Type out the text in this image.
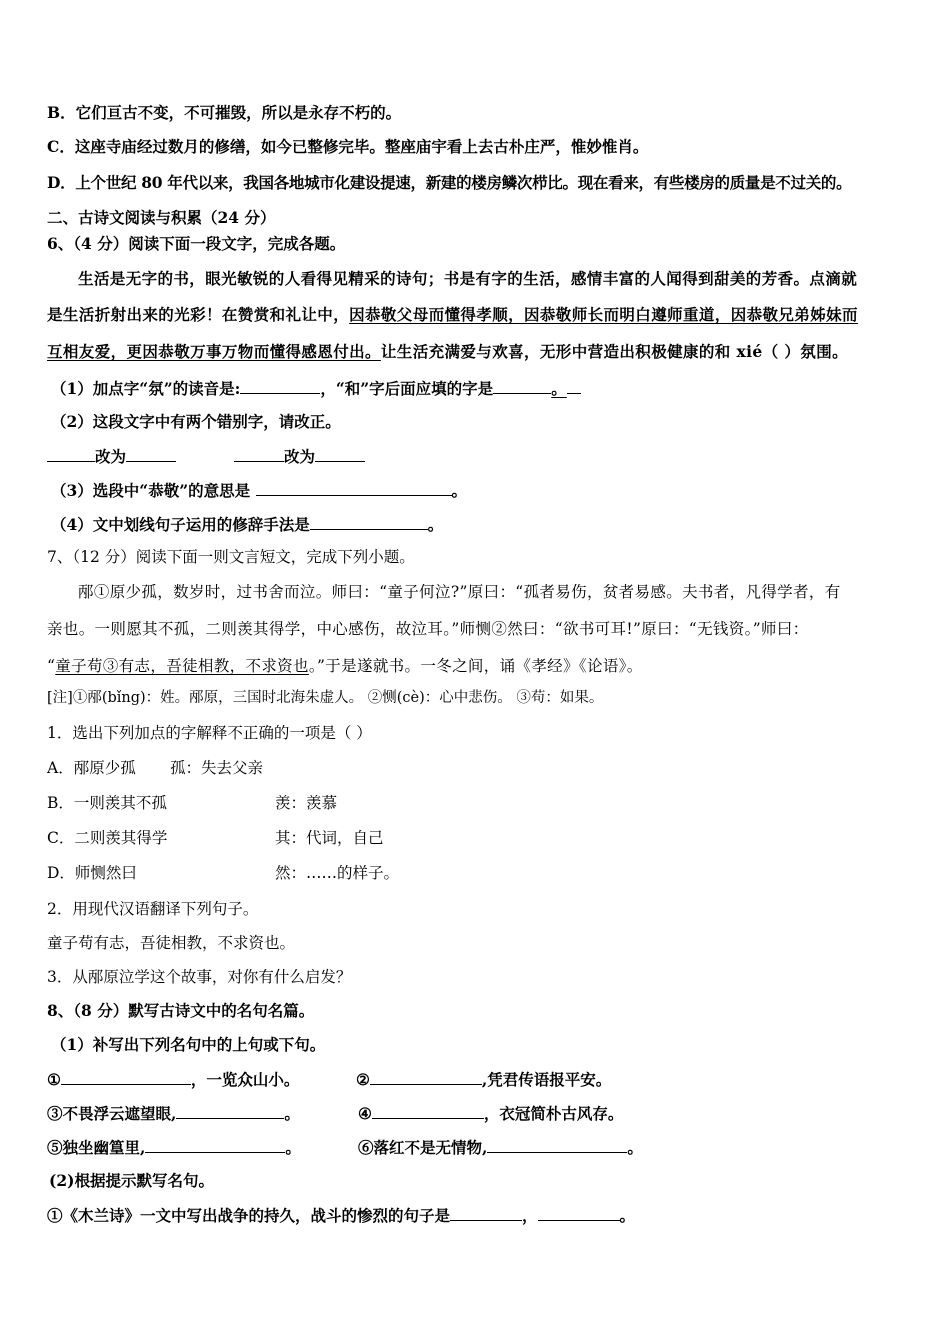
B．它们亘古不变，不可摧毁，所以是永存不朽的。
C．这座寺庙经过数月的修缮，如今已整修完毕。整座庙宇看上去古朴庄严，惟妙惟肖。
D．上个世纪 80 年代以来，我国各地城市化建设提速，新建的楼房鳞次栉比。现在看来，有些楼房的质量是不过关的。
二、古诗文阅读与积累（24 分）
6、（4 分）阅读下面一段文字，完成各题。
生活是无字的书，眼光敏锐的人看得见精采的诗句；书是有字的生活，感情丰富的人闻得到甜美的芳香。点滴就
是生活折射出来的光彩！在赞赏和礼让中，因恭敬父母而懂得孝顺，因恭敬师长而明白遵师重道，因恭敬兄弟姊妹而
互相友爱，更因恭敬万事万物而懂得感恩付出。让生活充满爱与欢喜，无形中营造出积极健康的和 xié（ ）氛围。
（1）加点字“氛”的读音是:	，“和”字后面应填的字是	。
（2）这段文字中有两个错别字，请改正。
改为	改为
（3）选段中“恭敬”的意思是	。
（4）文中划线句子运用的修辞手法是	。
7、（12 分）阅读下面一则文言短文，完成下列小题。
邴①原少孤，数岁时，过书舍而泣。师曰：“童子何泣?”原曰：“孤者易伤，贫者易感。夫书者，凡得学者，有
亲也。一则愿其不孤，二则羡其得学，中心感伤，故泣耳。”师恻②然曰：“欲书可耳!”原曰：“无钱资。”师曰：
“童子苟③有志，吾徒相教，不求资也。”于是遂就书。一冬之间，诵《孝经》《论语》。
[注]①邴(bǐng)：姓。邴原，三国时北海朱虚人。 ②恻(cè)：心中悲伤。 ③苟：如果。
1．选出下列加点的字解释不正确的一项是（ ）
A．邴原少孤 孤：失去父亲
B．一则羡其不孤	羡：羡慕
C．二则羡其得学	其：代词，自己
D．师恻然曰	然：……的样子。
2．用现代汉语翻译下列句子。
童子苟有志，吾徒相教，不求资也。
3．从邴原泣学这个故事，对你有什么启发？
8、（8 分）默写古诗文中的名句名篇。
（1）补写出下列名句中的上句或下句。
①	，一览众山小。	②	,凭君传语报平安。
③不畏浮云遮望眼,	。	④	，衣冠简朴古风存。
⑤独坐幽篁里,	。	⑥落红不是无情物,	。
(2)根据提示默写名句。
①《木兰诗》一文中写出战争的持久，战斗的惨烈的句子是	，	。
